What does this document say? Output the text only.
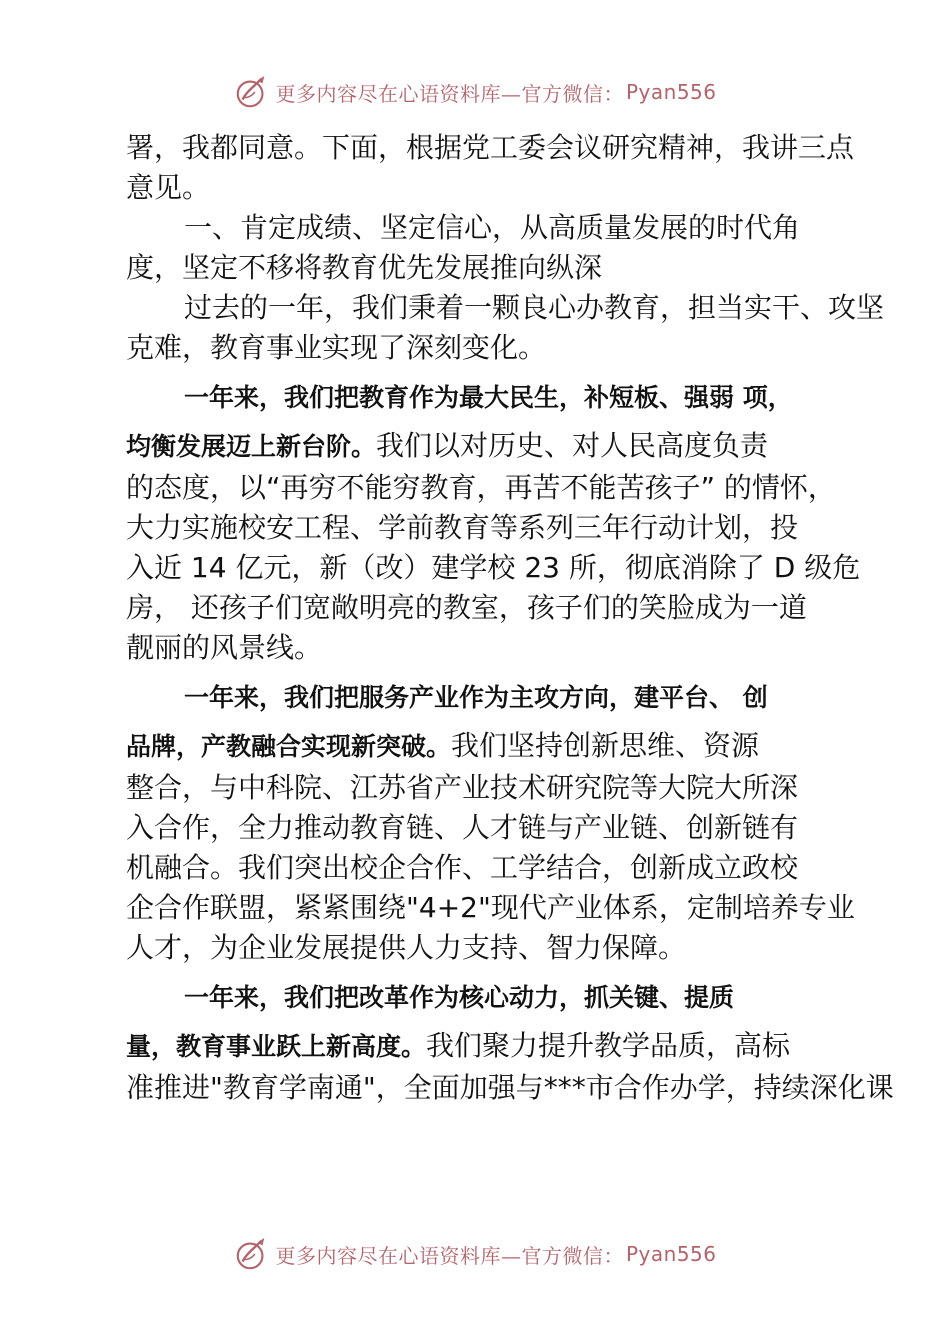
更多内容尽在心语资料库—官方微信： Pyan556
署，我都同意。下面，根据党工委会议研究精神，我讲三点
意见。
一、肯定成绩、坚定信心，从高质量发展的时代角
度，坚定不移将教育优先发展推向纵深
过去的一年，我们秉着一颗良心办教育，担当实干、攻坚
克难，教育事业实现了深刻变化。
一年来，我们把教育作为最大民生，补短板、强弱 项，
均衡发展迈上新台阶。我们以对历史、对人民高度负责
的态度，以“再穷不能穷教育，再苦不能苦孩子” 的情怀，
大力实施校安工程、学前教育等系列三年行动计划，投
入近 14 亿元，新（改）建学校 23 所，彻底消除了 D 级危
房， 还孩子们宽敞明亮的教室，孩子们的笑脸成为一道
靓丽的风景线。
一年来，我们把服务产业作为主攻方向，建平台、 创
品牌，产教融合实现新突破。我们坚持创新思维、资源
整合，与中科院、江苏省产业技术研究院等大院大所深
入合作，全力推动教育链、人才链与产业链、创新链有
机融合。我们突出校企合作、工学结合，创新成立政校
企合作联盟，紧紧围绕"4+2"现代产业体系，定制培养专业
人才，为企业发展提供人力支持、智力保障。
一年来，我们把改革作为核心动力，抓关键、提质
量，教育事业跃上新高度。我们聚力提升教学品质，高标
准推进"教育学南通"，全面加强与***市合作办学，持续深化课
更多内容尽在心语资料库—官方微信： Pyan556
